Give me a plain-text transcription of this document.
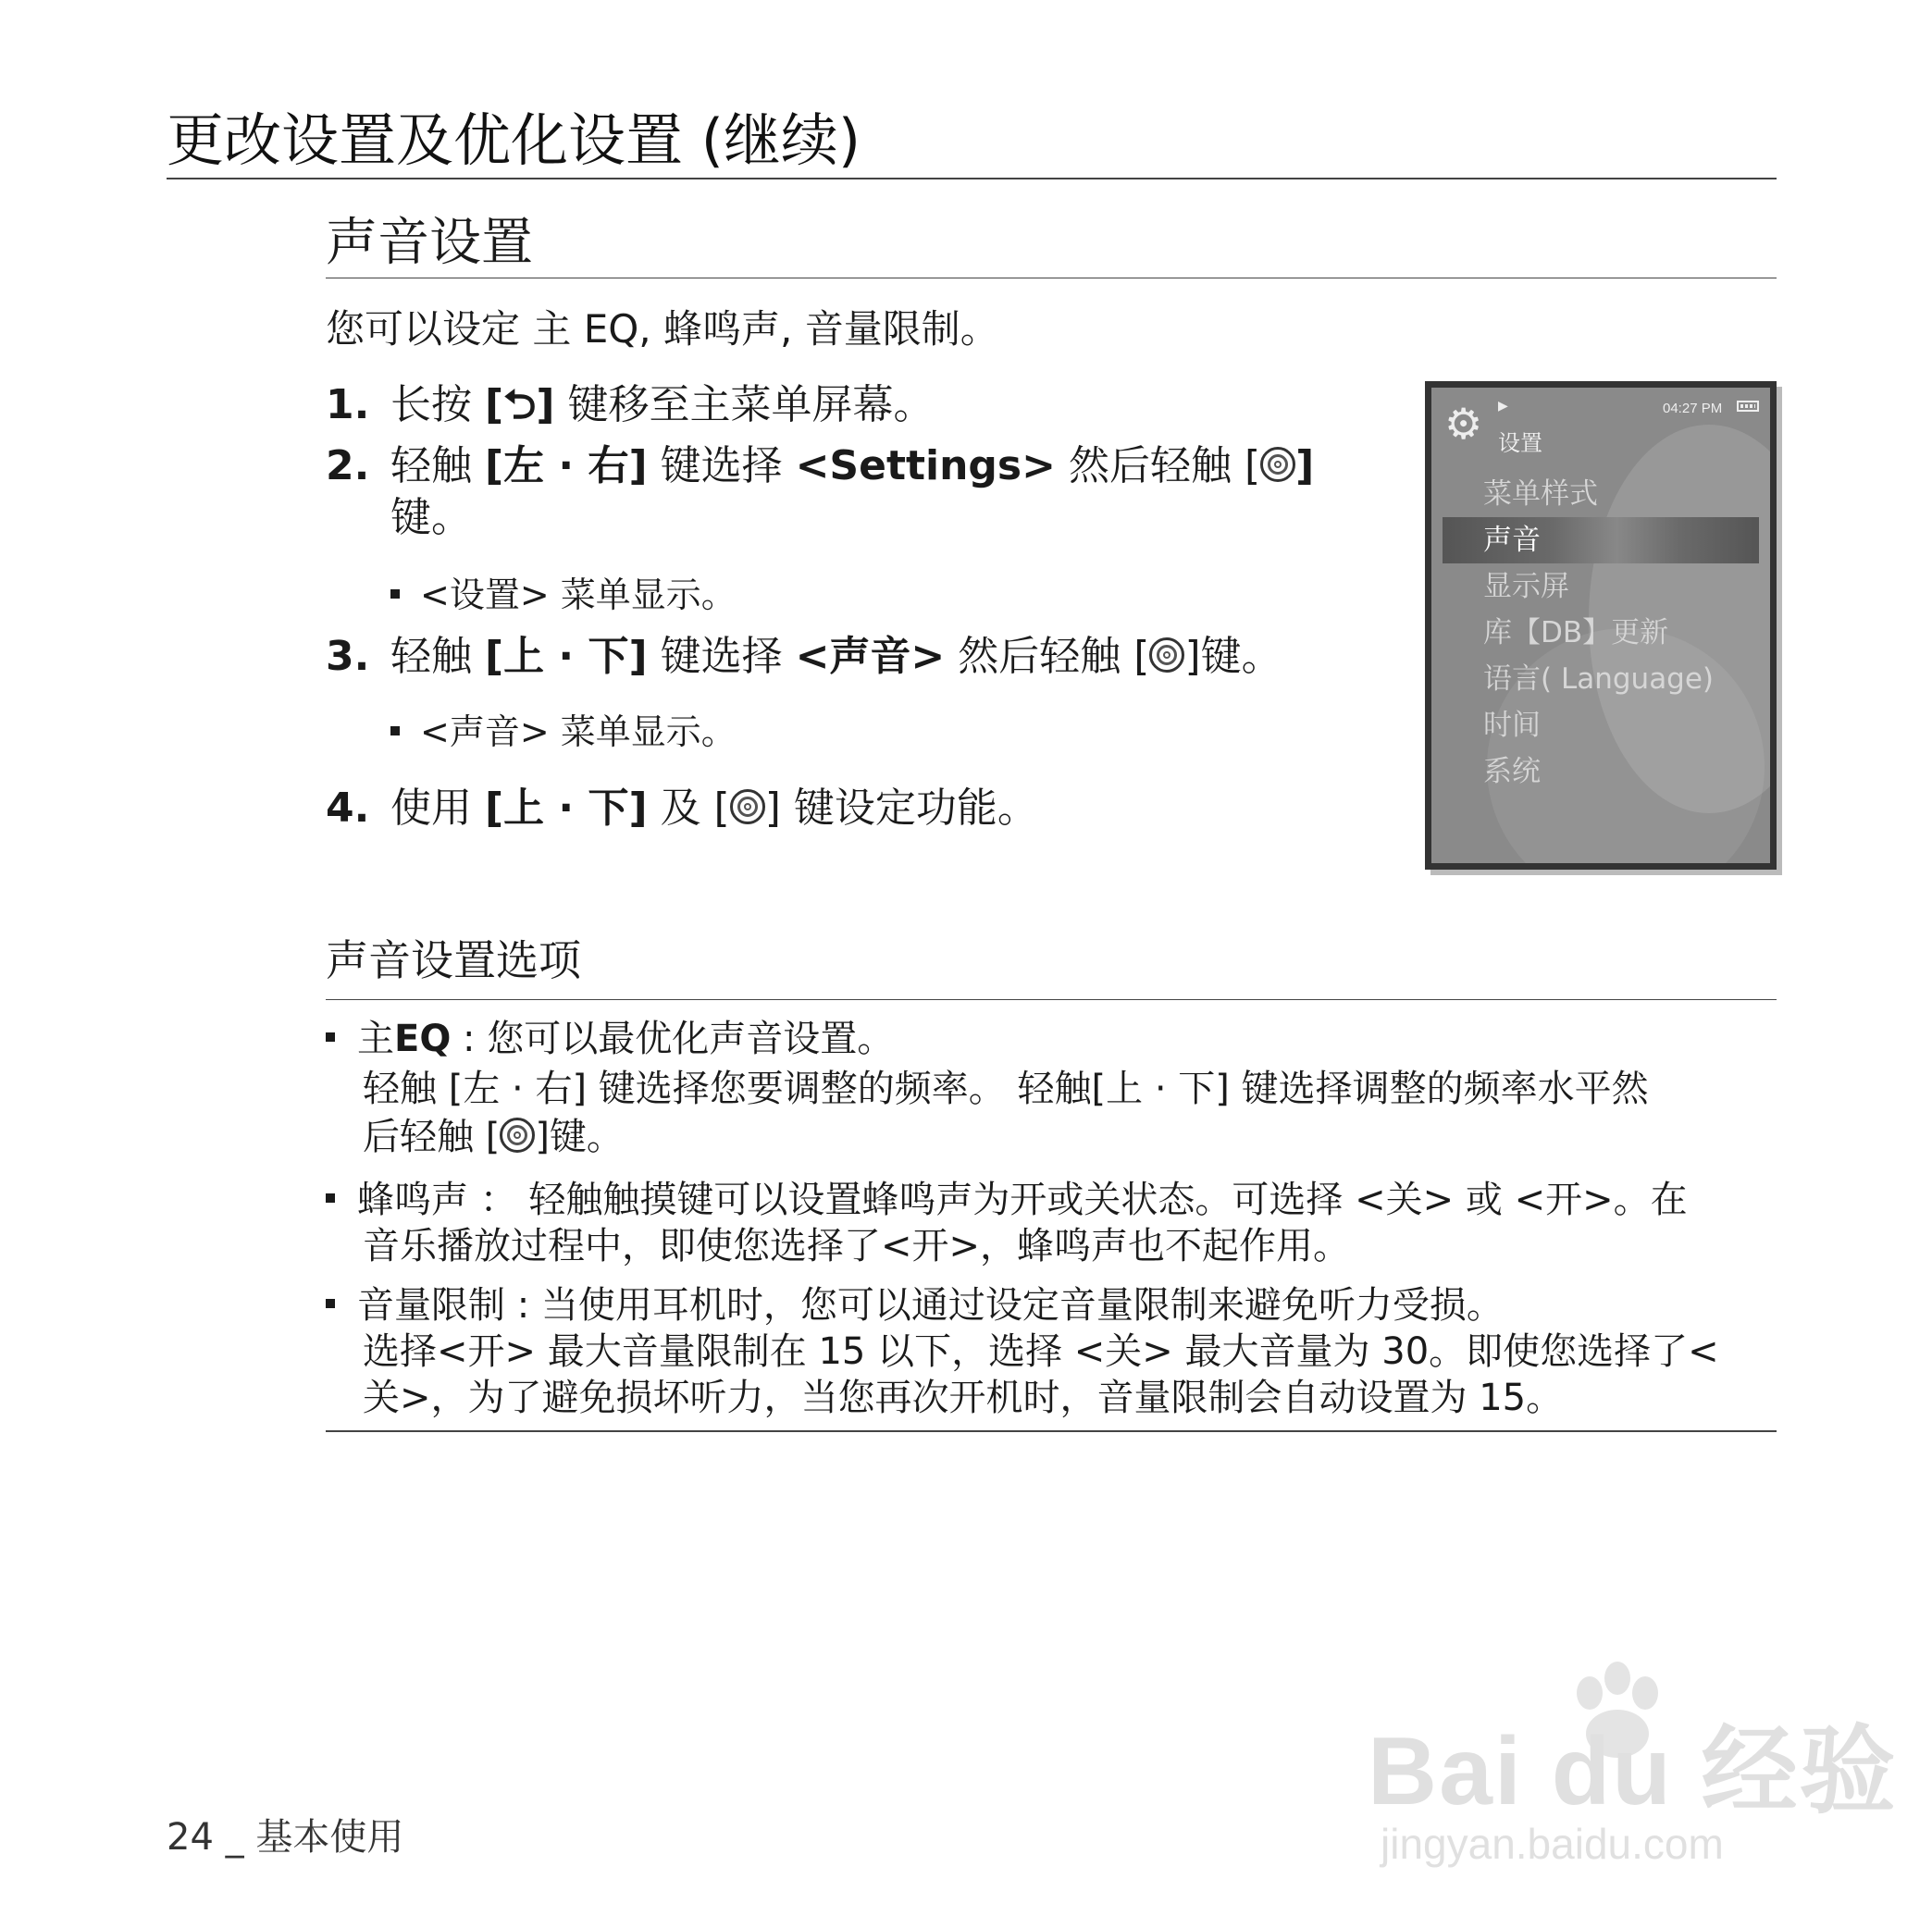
更改设置及优化设置 (继续)
声音设置
您可以设定 主 EQ, 蜂鸣声, 音量限制。
1. 长按 [⮌] 键移至主菜单屏幕。
2. 轻触 [左 · 右] 键选择 <Settings> 然后轻触 [ ]
键。
<设置> 菜单显示。
3. 轻触 [上 · 下] 键选择 <声音> 然后轻触 [ ]键。
<声音> 菜单显示。
4. 使用 [上 · 下] 及 [ ] 键设定功能。
⚙ ▶
设置
04:27 PM
菜单样式
声音
显示屏
库【DB】更新
语言( Language)
时间
系统
声音设置选项
主EQ : 您可以最优化声音设置。
轻触 [左 · 右] 键选择您要调整的频率。 轻触[上 · 下] 键选择调整的频率水平然
后轻触 [ ]键。
蜂鸣声 ： 轻触触摸键可以设置蜂鸣声为开或关状态。可选择 <关> 或 <开>。在
音乐播放过程中，即使您选择了<开>，蜂鸣声也不起作用。
音量限制 : 当使用耳机时，您可以通过设定音量限制来避免听力受损。
选择<开> 最大音量限制在 15 以下，选择 <关> 最大音量为 30。即使您选择了<
关>，为了避免损坏听力，当您再次开机时，音量限制会自动设置为 15。
24 _ 基本使用
Bai du 经验
jingyan.baidu.com
